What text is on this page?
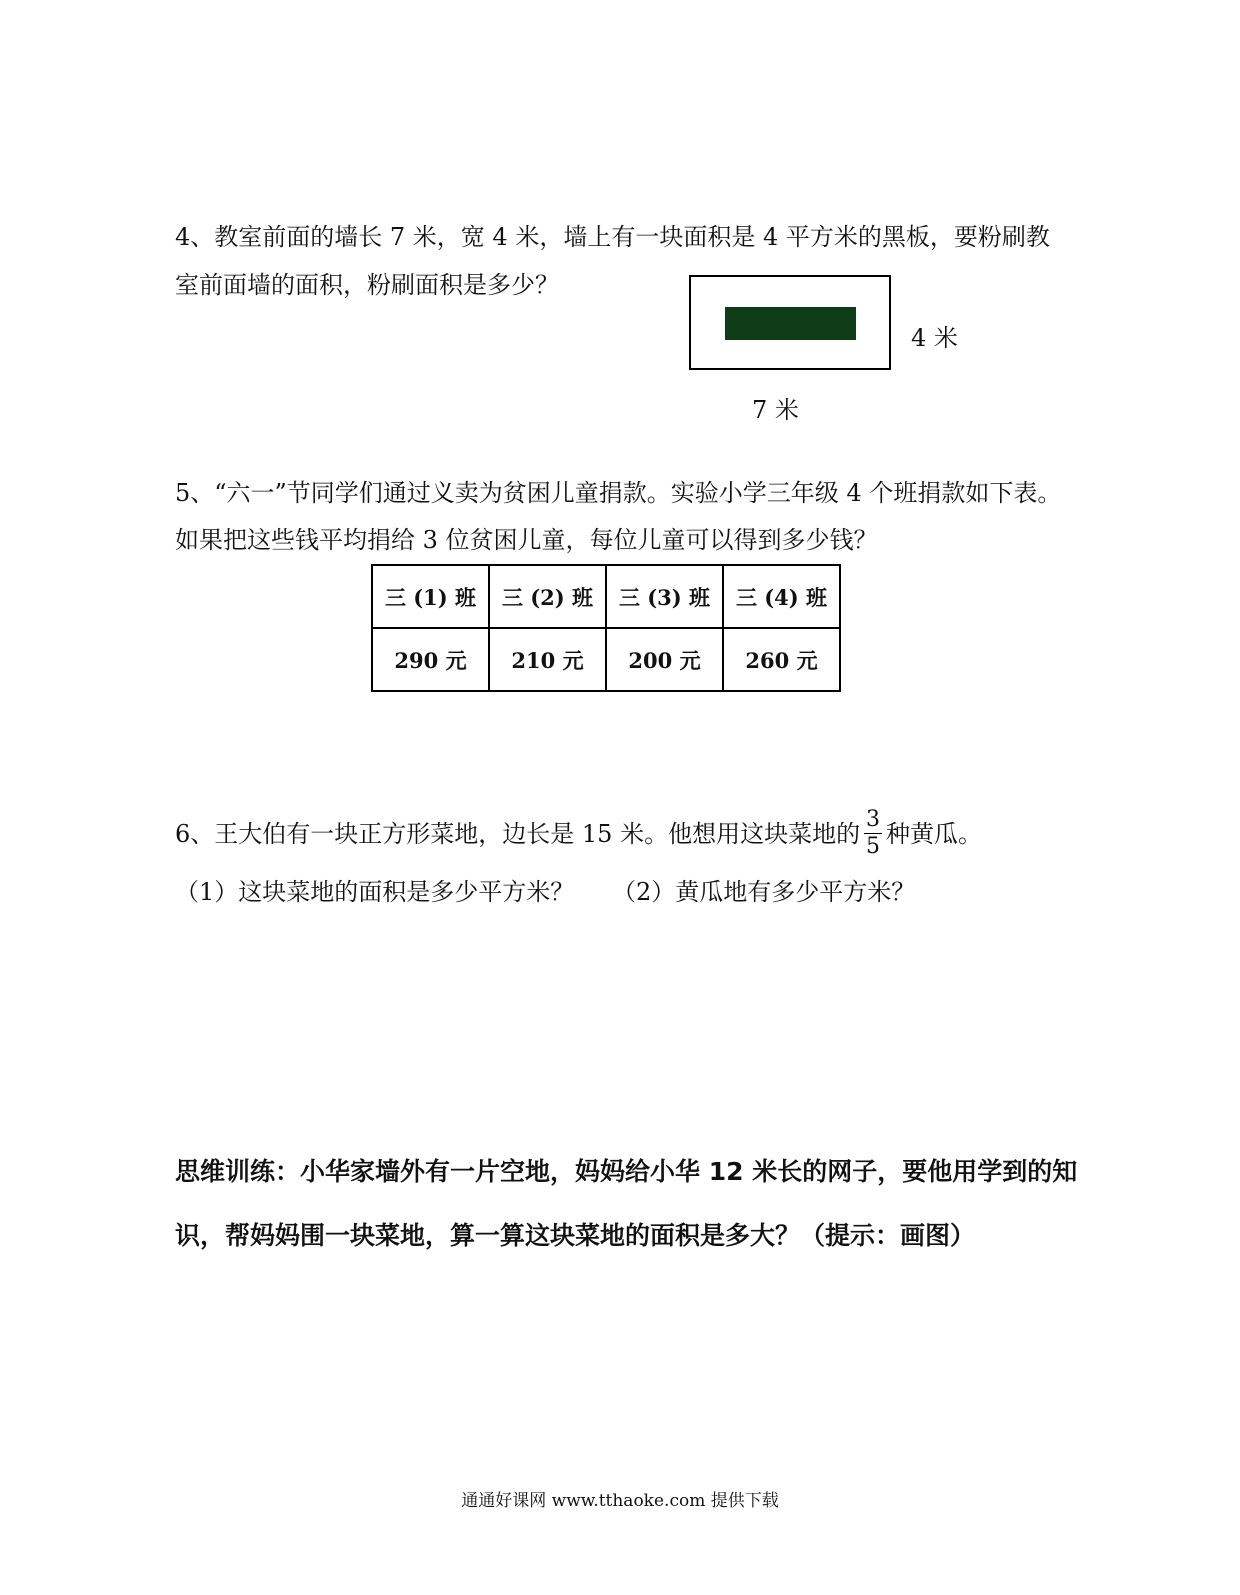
4、教室前面的墙长 7 米，宽 4 米，墙上有一块面积是 4 平方米的黑板，要粉刷教
室前面墙的面积，粉刷面积是多少？
4 米
7 米
5、“六一”节同学们通过义卖为贫困儿童捐款。实验小学三年级 4 个班捐款如下表。
如果把这些钱平均捐给 3 位贫困儿童，每位儿童可以得到多少钱？
三 (1) 班	三 (2) 班	三 (3) 班	三 (4) 班
290 元	210 元	200 元	260 元
6、王大伯有一块正方形菜地，边长是 15 米。他想用这块菜地的
3
5 种黄瓜。
（1）这块菜地的面积是多少平方米？ （2）黄瓜地有多少平方米？
思维训练：小华家墙外有一片空地，妈妈给小华 12 米长的网子，要他用学到的知
识，帮妈妈围一块菜地，算一算这块菜地的面积是多大？（提示：画图）
通通好课网 www.tthaoke.com 提供下载
